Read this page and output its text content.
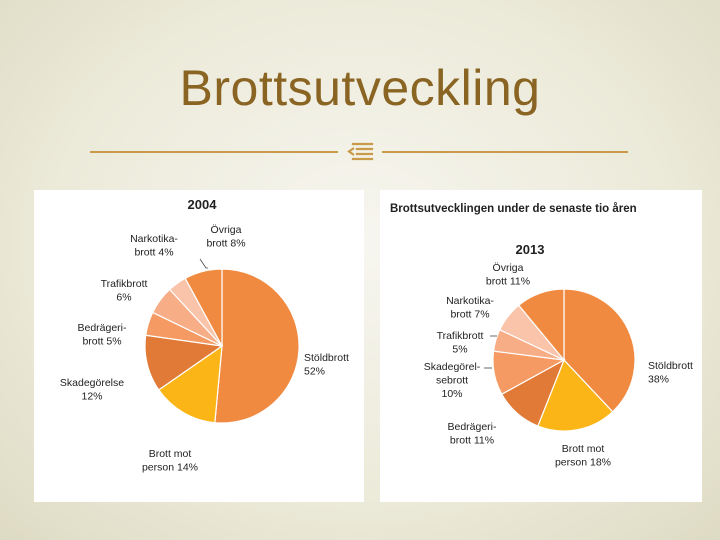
Brottsutveckling
2004
Stöldbrott 52%
Brott mot person 14%
Skadegörelse 12%
Bedrägeri-brott 5%
Trafikbrott 6%
Narkotika-brott 4%
Övriga brott 8%
Brottsutvecklingen under de senaste tio åren
2013
Stöldbrott 38%
Brott mot person 18%
Bedrägeri-brott 11%
Skadegörel-sebrott 10%
Trafikbrott 5%
Narkotika-brott 7%
Övriga brott 11%
